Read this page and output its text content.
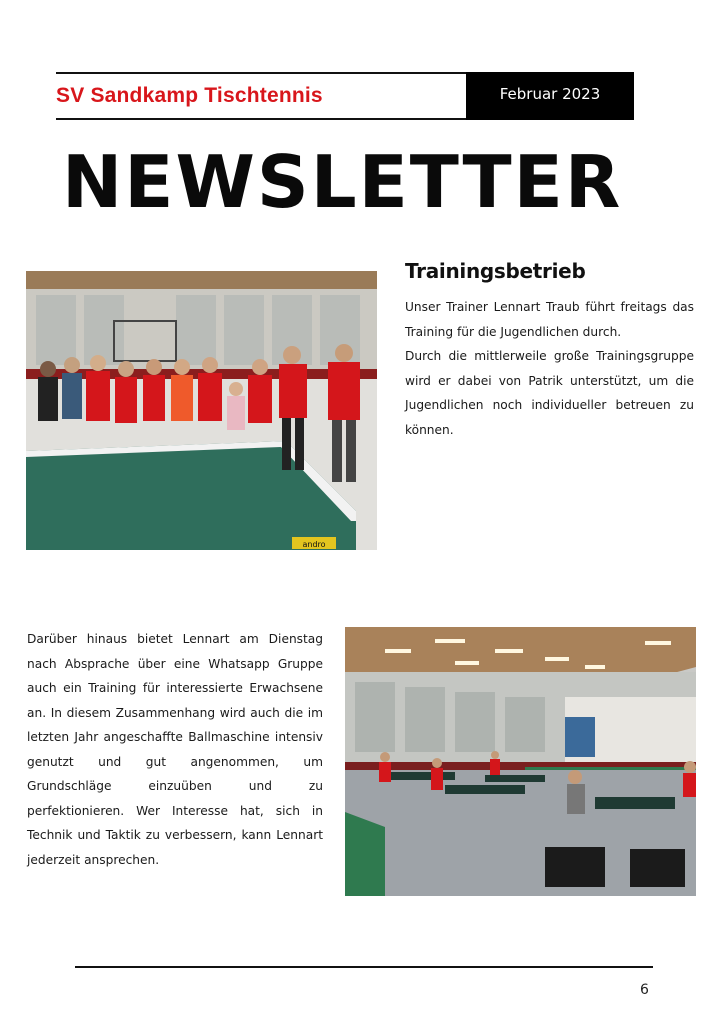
SV Sandkamp Tischtennis	Februar 2023
NEWSLETTER
andro
Trainingsbetrieb

Unser Trainer Lennart Traub führt freitags das Training für die Jugendlichen durch.

Durch die mittlerweile große Trainingsgruppe wird er dabei von Patrik unterstützt, um die Jugendlichen noch individueller betreuen zu können.

Darüber hinaus bietet Lennart am Dienstag nach Absprache über eine Whatsapp Gruppe auch ein Training für interessierte Erwachsene an. In diesem Zusammenhang wird auch die im letzten Jahr angeschaffte Ballmaschine intensiv genutzt und gut angenommen, um Grundschläge einzuüben und zu perfektionieren. Wer Interesse hat, sich in Technik und Taktik zu verbessern, kann Lennart jederzeit ansprechen.

6
